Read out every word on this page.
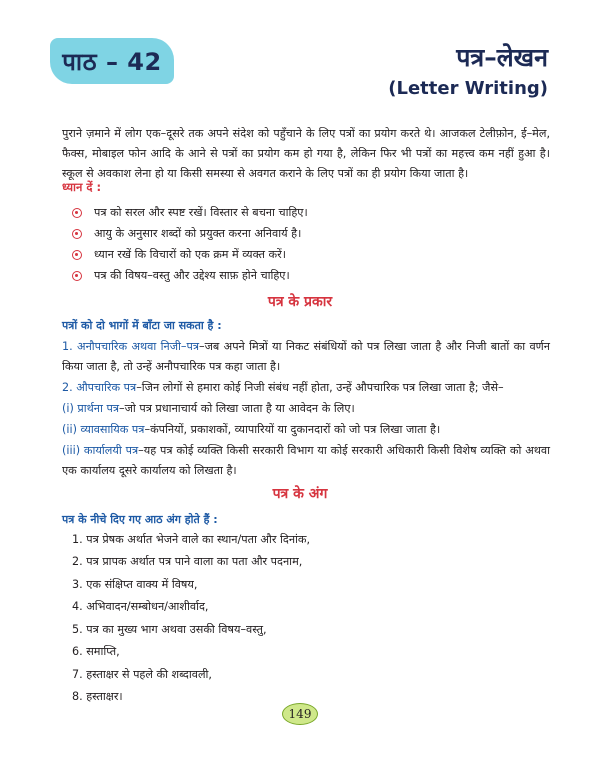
पाठ – 42	पत्र–लेखन
(Letter Writing)

पुराने ज़माने में लोग एक–दूसरे तक अपने संदेश को पहुँचाने के लिए पत्रों का प्रयोग करते थे। आजकल टेलीफ़ोन, ई–मेल, फैक्स, मोबाइल फोन आदि के आने से पत्रों का प्रयोग कम हो गया है, लेकिन फिर भी पत्रों का महत्त्व कम नहीं हुआ है। स्कूल से अवकाश लेना हो या किसी समस्या से अवगत कराने के लिए पत्रों का ही प्रयोग किया जाता है।

ध्यान दें :

पत्र को सरल और स्पष्ट रखें। विस्तार से बचना चाहिए।
आयु के अनुसार शब्दों को प्रयुक्त करना अनिवार्य है।
ध्यान रखें कि विचारों को एक क्रम में व्यक्त करें।
पत्र की विषय–वस्तु और उद्देश्य साफ़ होने चाहिए।

पत्र के प्रकार

पत्रों को दो भागों में बाँटा जा सकता है :

1. अनौपचारिक अथवा निजी–पत्र–जब अपने मित्रों या निकट संबंधियों को पत्र लिखा जाता है और निजी बातों का वर्णन किया जाता है, तो उन्हें अनौपचारिक पत्र कहा जाता है।

2. औपचारिक पत्र–जिन लोगों से हमारा कोई निजी संबंध नहीं होता, उन्हें औपचारिक पत्र लिखा जाता है; जैसे–

(i) प्रार्थना पत्र–जो पत्र प्रधानाचार्य को लिखा जाता है या आवेदन के लिए।

(ii) व्यावसायिक पत्र–कंपनियों, प्रकाशकों, व्यापारियों या दुकानदारों को जो पत्र लिखा जाता है।

(iii) कार्यालयी पत्र–यह पत्र कोई व्यक्ति किसी सरकारी विभाग या कोई सरकारी अधिकारी किसी विशेष व्यक्ति को अथवा एक कार्यालय दूसरे कार्यालय को लिखता है।

पत्र के अंग

पत्र के नीचे दिए गए आठ अंग होते हैं :

1. पत्र प्रेषक अर्थात भेजने वाले का स्थान/पता और दिनांक,
2. पत्र प्रापक अर्थात पत्र पाने वाला का पता और पदनाम,
3. एक संक्षिप्त वाक्य में विषय,
4. अभिवादन/सम्बोधन/आशीर्वाद,
5. पत्र का मुख्य भाग अथवा उसकी विषय–वस्तु,
6. समाप्ति,
7. हस्ताक्षर से पहले की शब्दावली,
8. हस्ताक्षर।
149
